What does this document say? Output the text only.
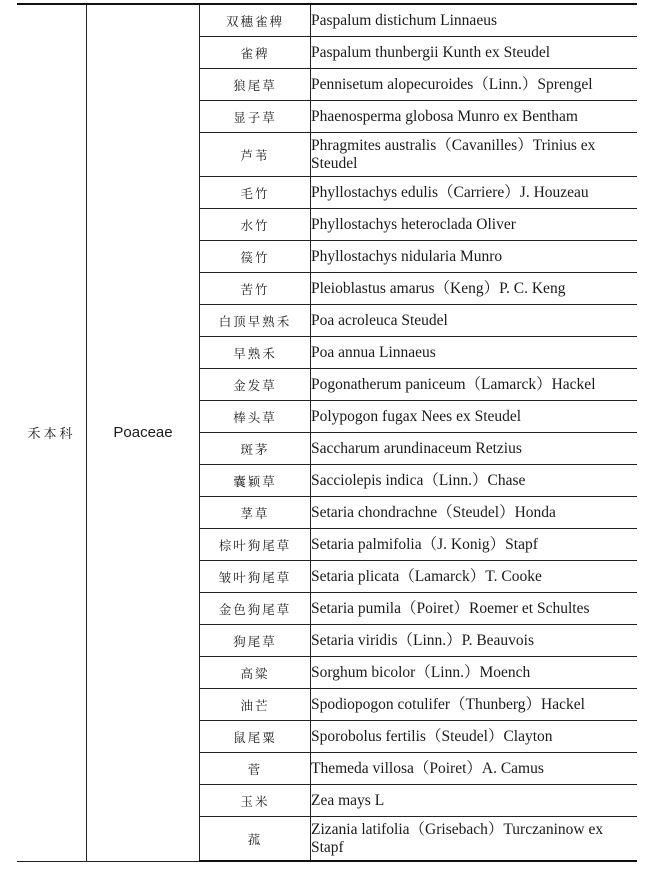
禾本科	Poaceae	双穗雀稗	Paspalum distichum Linnaeus
		雀稗	Paspalum thunbergii Kunth ex Steudel
		狼尾草	Pennisetum alopecuroides（Linn.）Sprengel
		显子草	Phaenosperma globosa Munro ex Bentham
		芦苇	Phragmites australis（Cavanilles）Trinius ex Steudel
		毛竹	Phyllostachys edulis（Carriere）J. Houzeau
		水竹	Phyllostachys heteroclada Oliver
		篌竹	Phyllostachys nidularia Munro
		苦竹	Pleioblastus amarus（Keng）P. C. Keng
		白顶早熟禾	Poa acroleuca Steudel
		早熟禾	Poa annua Linnaeus
		金发草	Pogonatherum paniceum（Lamarck）Hackel
		棒头草	Polypogon fugax Nees ex Steudel
		斑茅	Saccharum arundinaceum Retzius
		囊颖草	Sacciolepis indica（Linn.）Chase
		莩草	Setaria chondrachne（Steudel）Honda
		棕叶狗尾草	Setaria palmifolia（J. Konig）Stapf
		皱叶狗尾草	Setaria plicata（Lamarck）T. Cooke
		金色狗尾草	Setaria pumila（Poiret）Roemer et Schultes
		狗尾草	Setaria viridis（Linn.）P. Beauvois
		高粱	Sorghum bicolor（Linn.）Moench
		油芒	Spodiopogon cotulifer（Thunberg）Hackel
		鼠尾粟	Sporobolus fertilis（Steudel）Clayton
		菅	Themeda villosa（Poiret）A. Camus
		玉米	Zea mays L
		菰	Zizania latifolia（Grisebach）Turczaninow ex Stapf
